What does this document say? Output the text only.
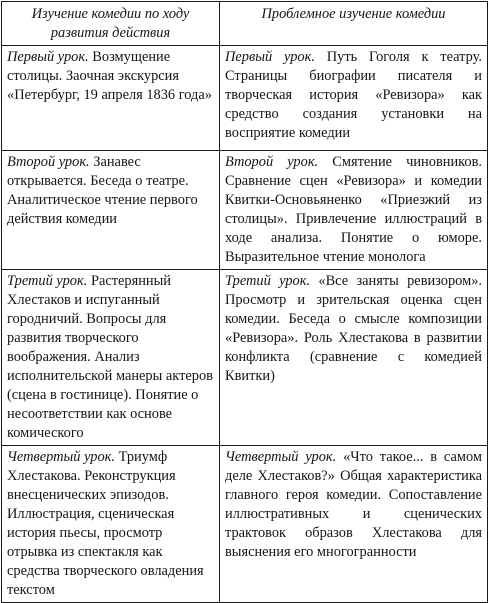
Изучение комедии по ходу развития действия	Проблемное изучение комедии
Первый урок. Возмущение столицы. Заочная экскурсия «Петербург, 19 апреля 1836 года»	Первый урок. Путь Гоголя к театру. Страницы биографии писателя и творческая история «Ревизора» как средство создания установки на восприятие комедии
Второй урок. Занавес открывается. Беседа о театре. Аналитическое чтение первого действия комедии	Второй урок. Смятение чиновников. Сравнение сцен «Ревизора» и комедии Квитки-Основьяненко «Приезжий из столицы». Привлечение иллюстраций в ходе анализа. Понятие о юморе. Выразительное чтение монолога
Третий урок. Растерянный Хлестаков и испуганный городничий. Вопросы для развития творческого воображения. Анализ исполнительской манеры актеров (сцена в гостинице). Понятие о несоответствии как основе комического	Третий урок. «Все заняты ревизором». Просмотр и зрительская оценка сцен комедии. Беседа о смысле композиции «Ревизора». Роль Хлестакова в развитии конфликта (сравнение с комедией Квитки)
Четвертый урок. Триумф Хлестакова. Реконструкция внесценических эпизодов. Иллюстрация, сценическая история пьесы, просмотр отрывка из спектакля как средства творческого овладения текстом	Четвертый урок. «Что такое... в самом деле Хлестаков?» Общая характеристика главного героя комедии. Сопоставление иллюстративных и сценических трактовок образов Хлестакова для выяснения его многогранности
